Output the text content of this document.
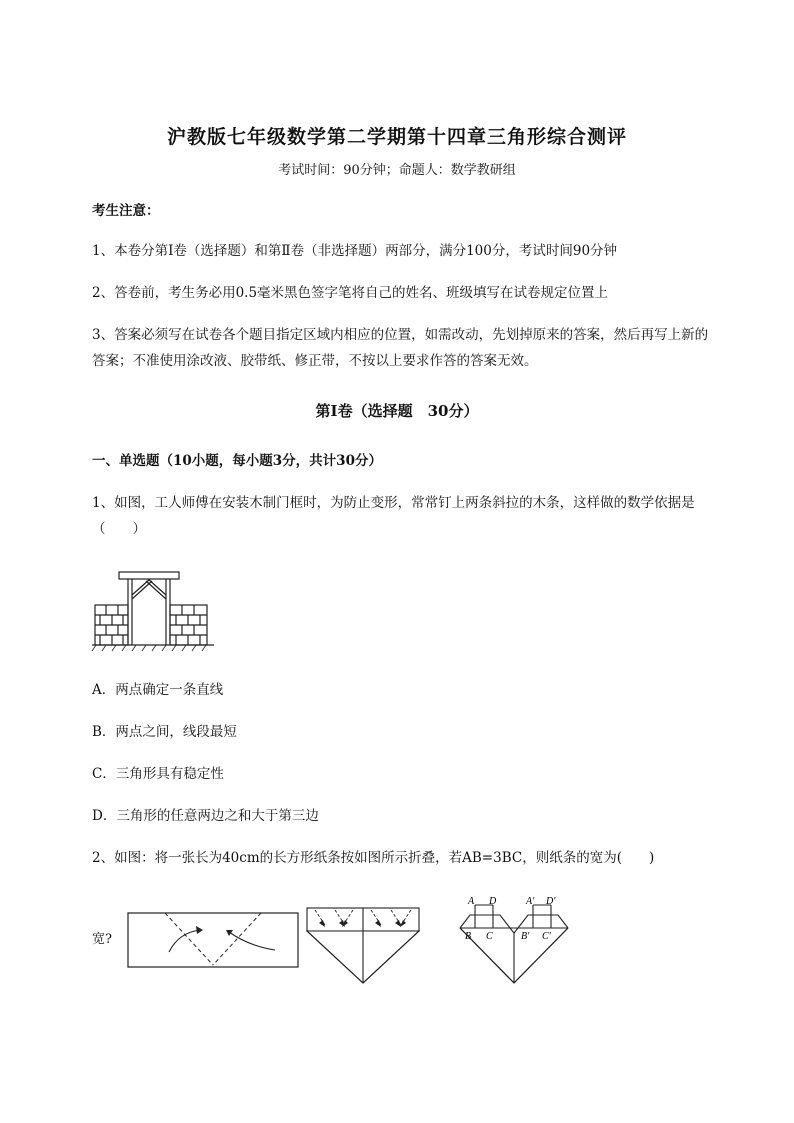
沪教版七年级数学第二学期第十四章三角形综合测评
考试时间：90分钟；命题人：数学教研组
考生注意：
1、本卷分第I卷（选择题）和第Ⅱ卷（非选择题）两部分，满分100分，考试时间90分钟
2、答卷前，考生务必用0.5毫米黑色签字笔将自己的姓名、班级填写在试卷规定位置上
3、答案必须写在试卷各个题目指定区域内相应的位置，如需改动，先划掉原来的答案，然后再写上新的答案；不准使用涂改液、胶带纸、修正带，不按以上要求作答的答案无效。
第I卷（选择题　30分）
一、单选题（10小题，每小题3分，共计30分）
1、如图，工人师傅在安装木制门框时，为防止变形，常常钉上两条斜拉的木条，这样做的数学依据是（　　）
A．两点确定一条直线
B．两点之间，线段最短
C．三角形具有稳定性
D．三角形的任意两边之和大于第三边
2、如图：将一张长为40cm的长方形纸条按如图所示折叠，若AB=3BC，则纸条的宽为(　　)
宽?
A D
B C
A′ D′
B′ C′
